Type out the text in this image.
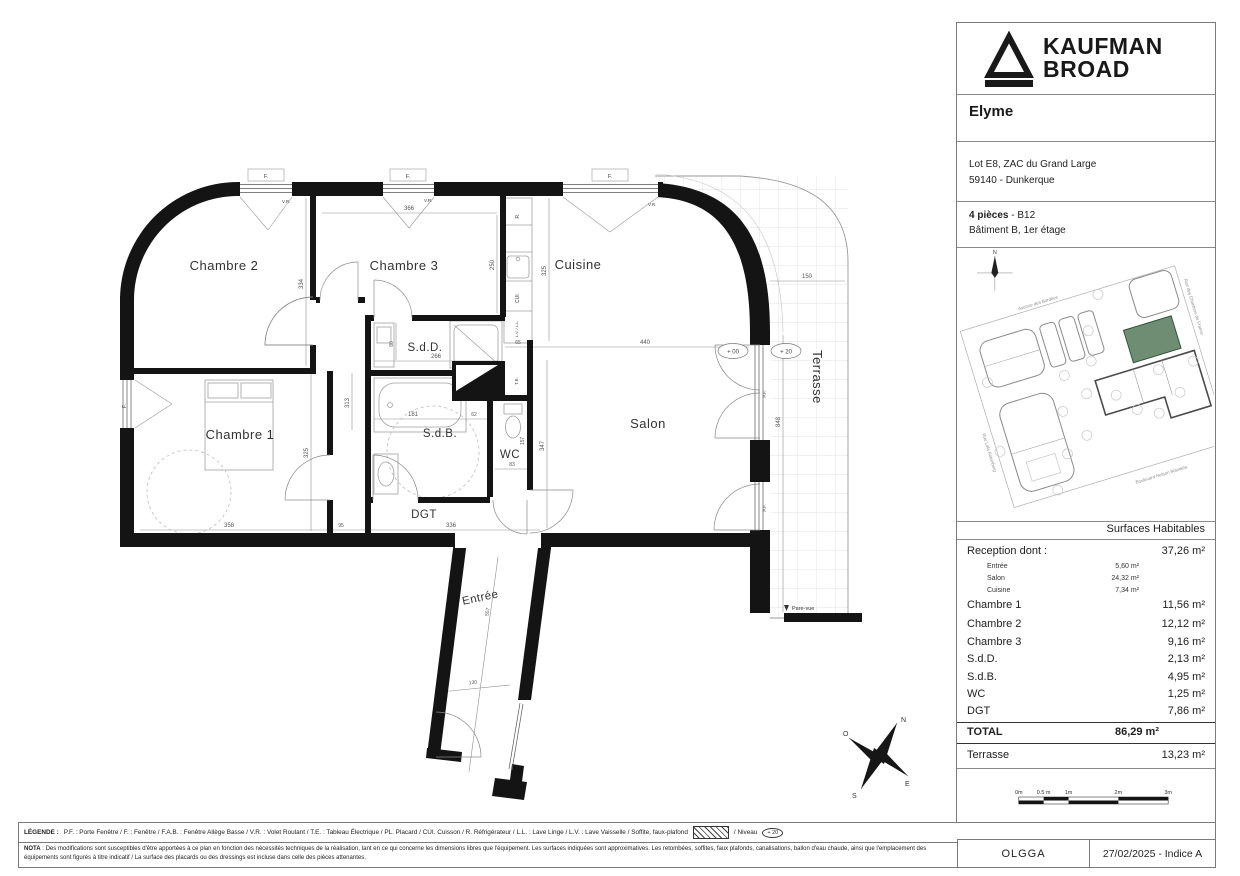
Pare-vue
+ 00	+ 20
F.	F.	F.
F.
V.R.	V.R.
V.R.
P.F.
P.F.
T.E.
R.
CUI.
L.V. / L.L.
366
334
250
325
440
65
358	95	336
313
325
266
80
181	62
157
83
347
150
848
557
130
Chambre 2	Chambre 3	Cuisine
Chambre 1
S.d.D.
S.d.B.
WC
Salon
DGT
Entrée
Terrasse
N
O
S
E
KAUFMAN
BROAD
Elyme
Lot E8, ZAC du Grand Large
59140 - Dunkerque
4 pièces - B12
Bâtiment B, 1er étage
N
Avenue des Bordées
Boulevard Nelson Mandela
Rue Lola Rotenberg
Rue des Chantiers de France
Surfaces Habitables
Reception dont :	37,26 m²
Entrée	5,60 m²
Salon	24,32 m²
Cuisine	7,34 m²
Chambre 1	11,56 m²
Chambre 2	12,12 m²
Chambre 3	9,16 m²
S.d.D.	2,13 m²
S.d.B.	4,95 m²
WC	1,25 m²
DGT	7,86 m²
TOTAL	86,29 m²
Terrasse	13,23 m²
0m	0.5 m	1m	2m	3m
LÉGENDE : P.F. : Porte Fenêtre / F. : Fenêtre / F.A.B. : Fenêtre Allège Basse / V.R. : Volet Roulant / T.E. : Tableau Électrique / PL. Placard / CUI. Cuisson / R. Réfrigérateur / L.L. : Lave Linge / L.V. : Lave Vaisselle / Soffite, faux-plafond	/ Niveau	+ 20
NOTA : Des modifications sont susceptibles d'être apportées à ce plan en fonction des nécessités techniques de la réalisation, tant en ce qui concerne les dimensions libres que l'équipement. Les surfaces indiquées sont approximatives. Les retombées, soffites, faux plafonds, canalisations, ballon d'eau chaude, ainsi que l'emplacement des équipements sont figurés à titre indicatif / La surface des placards ou des dressings est incluse dans celle des pièces attenantes.	OLGGA	27/02/2025 - Indice A
